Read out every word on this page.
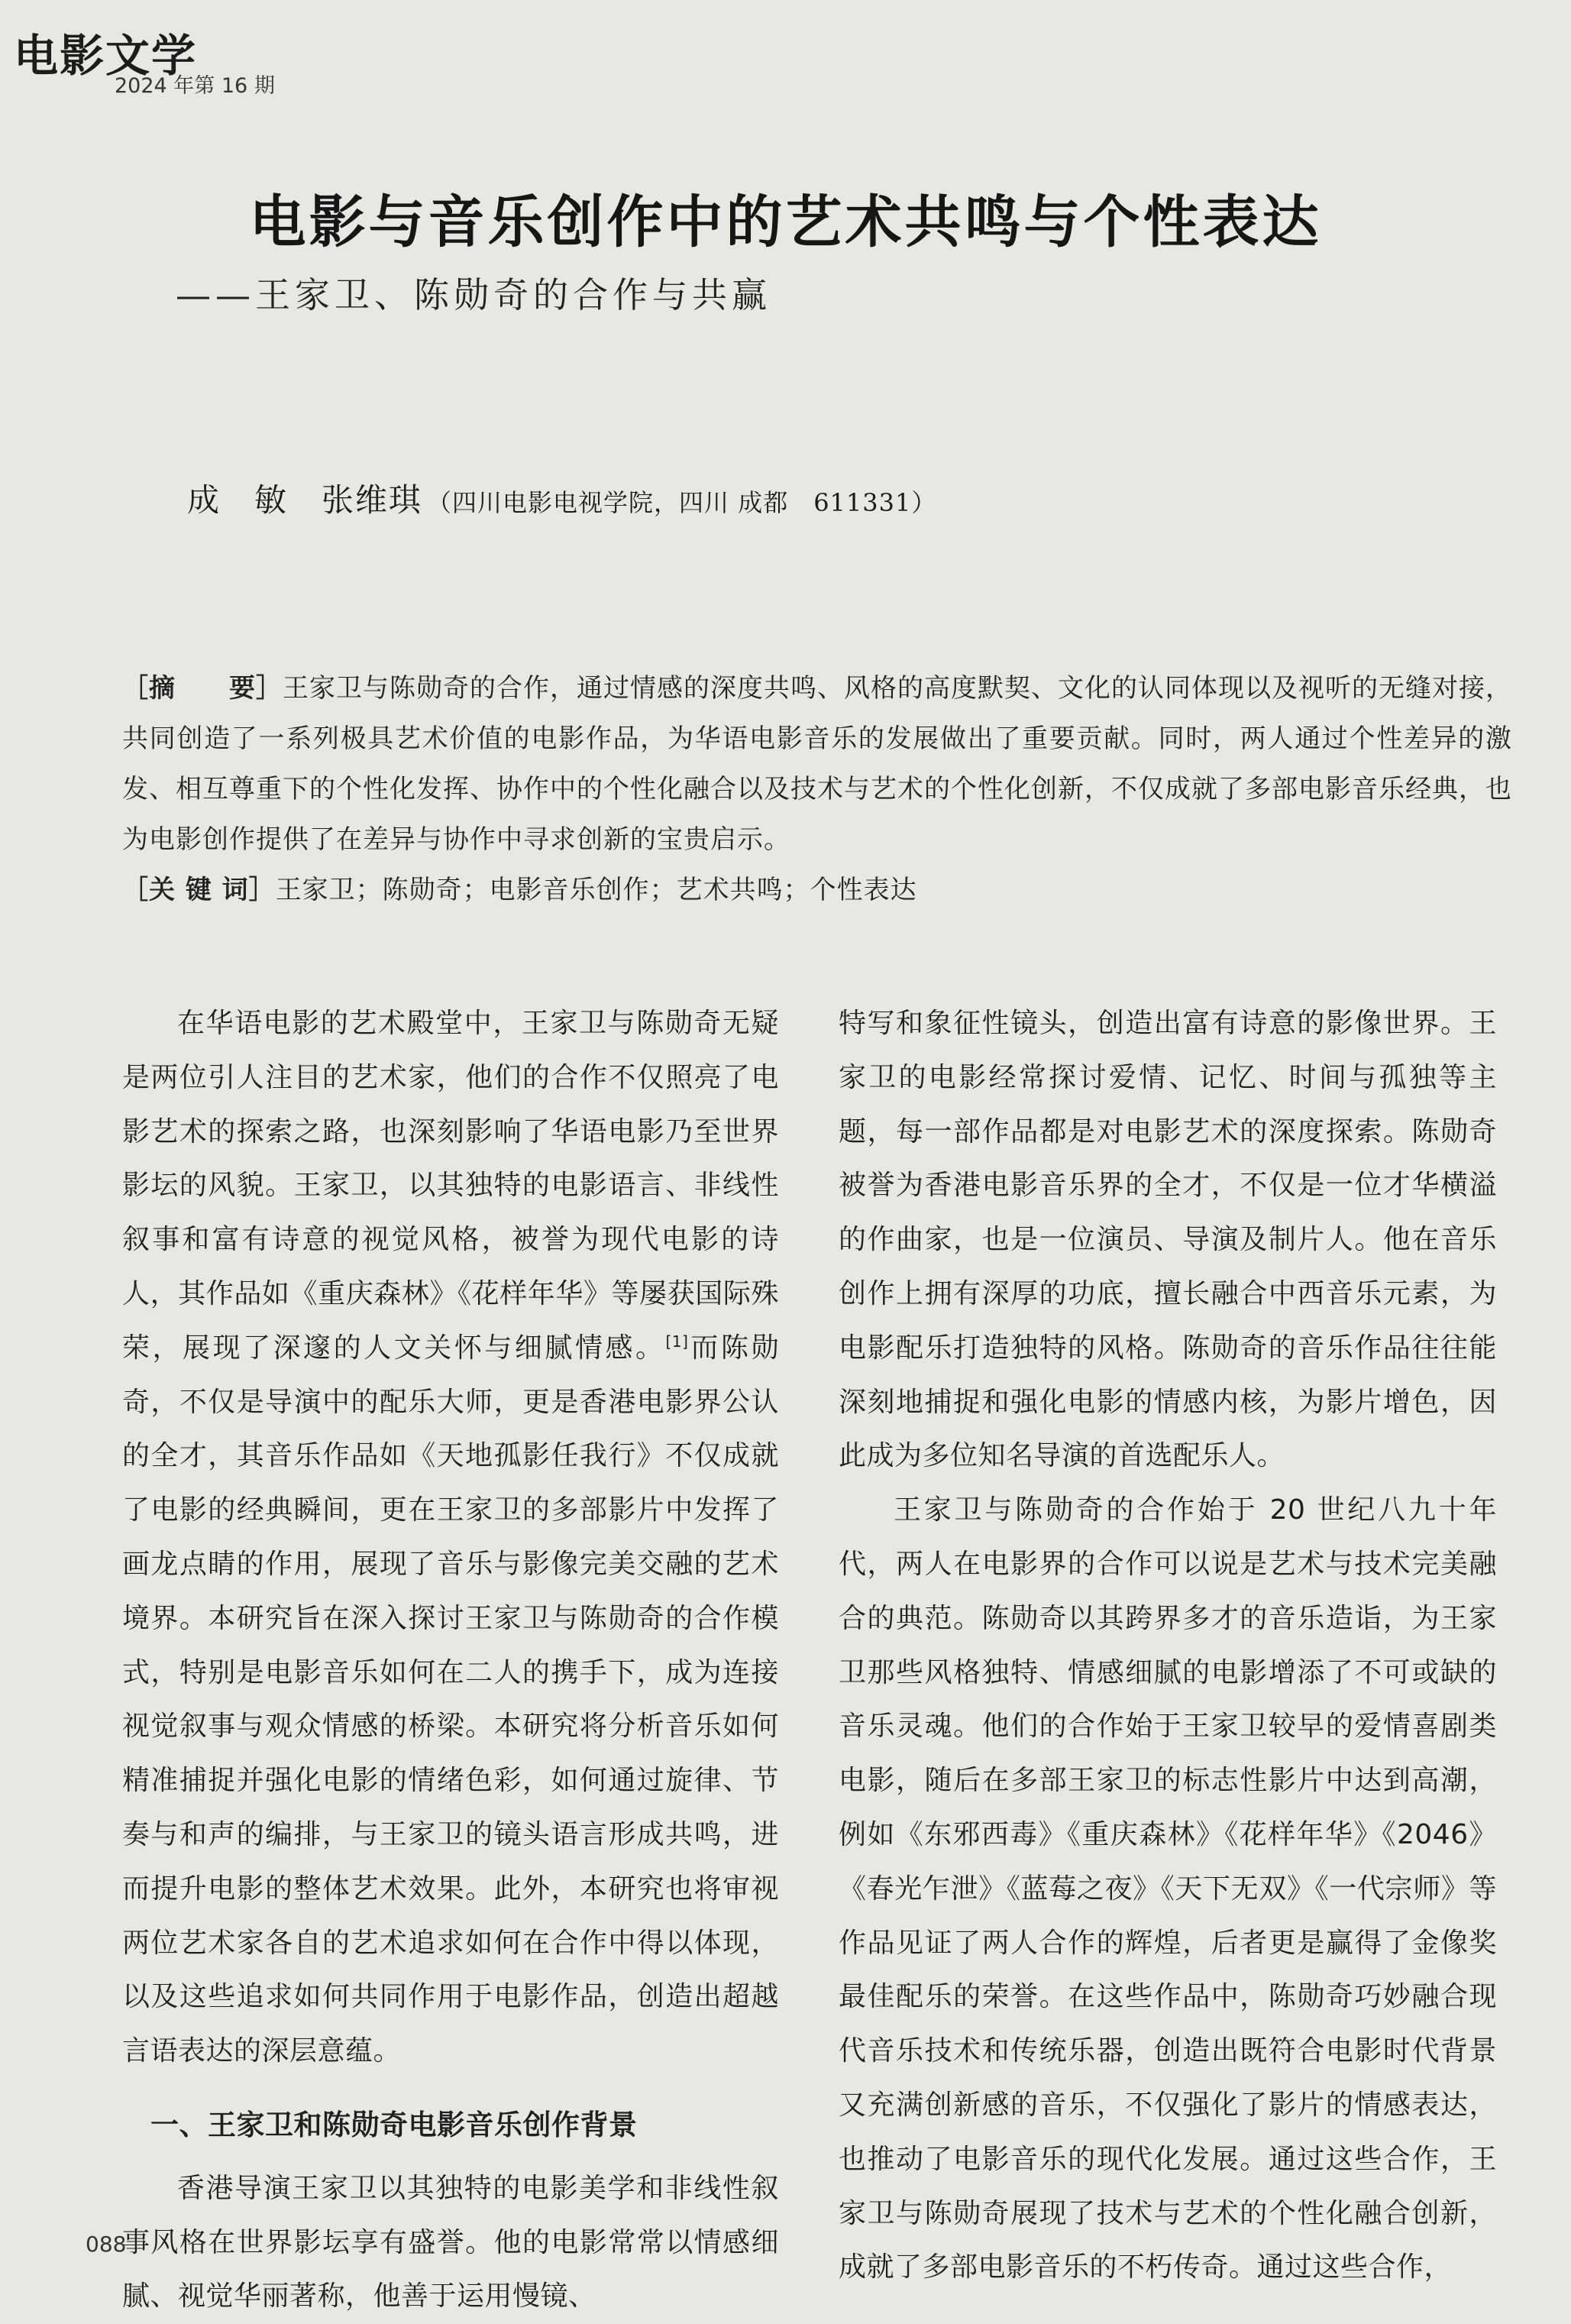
电影文学
2024 年第 16 期
电影与音乐创作中的艺术共鸣与个性表达
——王家卫、陈勋奇的合作与共赢
成　敏　张维琪 （四川电影电视学院，四川 成都　611331）

［摘　　要］王家卫与陈勋奇的合作，通过情感的深度共鸣、风格的高度默契、文化的认同体现以及视听的无缝对接，共同创造了一系列极具艺术价值的电影作品，为华语电影音乐的发展做出了重要贡献。同时，两人通过个性差异的激发、相互尊重下的个性化发挥、协作中的个性化融合以及技术与艺术的个性化创新，不仅成就了多部电影音乐经典，也为电影创作提供了在差异与协作中寻求创新的宝贵启示。

［关 键 词］王家卫；陈勋奇；电影音乐创作；艺术共鸣；个性表达

在华语电影的艺术殿堂中，王家卫与陈勋奇无疑是两位引人注目的艺术家，他们的合作不仅照亮了电影艺术的探索之路，也深刻影响了华语电影乃至世界影坛的风貌。王家卫，以其独特的电影语言、非线性叙事和富有诗意的视觉风格，被誉为现代电影的诗人，其作品如《重庆森林》《花样年华》等屡获国际殊荣，展现了深邃的人文关怀与细腻情感。[1]而陈勋奇，不仅是导演中的配乐大师，更是香港电影界公认的全才，其音乐作品如《天地孤影任我行》不仅成就了电影的经典瞬间，更在王家卫的多部影片中发挥了画龙点睛的作用，展现了音乐与影像完美交融的艺术境界。本研究旨在深入探讨王家卫与陈勋奇的合作模式，特别是电影音乐如何在二人的携手下，成为连接视觉叙事与观众情感的桥梁。本研究将分析音乐如何精准捕捉并强化电影的情绪色彩，如何通过旋律、节奏与和声的编排，与王家卫的镜头语言形成共鸣，进而提升电影的整体艺术效果。此外，本研究也将审视两位艺术家各自的艺术追求如何在合作中得以体现，以及这些追求如何共同作用于电影作品，创造出超越言语表达的深层意蕴。

一、王家卫和陈勋奇电影音乐创作背景

香港导演王家卫以其独特的电影美学和非线性叙事风格在世界影坛享有盛誉。他的电影常常以情感细腻、视觉华丽著称，他善于运用慢镜、

特写和象征性镜头，创造出富有诗意的影像世界。王家卫的电影经常探讨爱情、记忆、时间与孤独等主题，每一部作品都是对电影艺术的深度探索。陈勋奇被誉为香港电影音乐界的全才，不仅是一位才华横溢的作曲家，也是一位演员、导演及制片人。他在音乐创作上拥有深厚的功底，擅长融合中西音乐元素，为电影配乐打造独特的风格。陈勋奇的音乐作品往往能深刻地捕捉和强化电影的情感内核，为影片增色，因此成为多位知名导演的首选配乐人。

王家卫与陈勋奇的合作始于 20 世纪八九十年代，两人在电影界的合作可以说是艺术与技术完美融合的典范。陈勋奇以其跨界多才的音乐造诣，为王家卫那些风格独特、情感细腻的电影增添了不可或缺的音乐灵魂。他们的合作始于王家卫较早的爱情喜剧类电影，随后在多部王家卫的标志性影片中达到高潮，例如《东邪西毒》《重庆森林》《花样年华》《2046》《春光乍泄》《蓝莓之夜》《天下无双》《一代宗师》等作品见证了两人合作的辉煌，后者更是赢得了金像奖最佳配乐的荣誉。在这些作品中，陈勋奇巧妙融合现代音乐技术和传统乐器，创造出既符合电影时代背景又充满创新感的音乐，不仅强化了影片的情感表达，也推动了电影音乐的现代化发展。通过这些合作，王家卫与陈勋奇展现了技术与艺术的个性化融合创新，成就了多部电影音乐的不朽传奇。通过这些合作，

088
